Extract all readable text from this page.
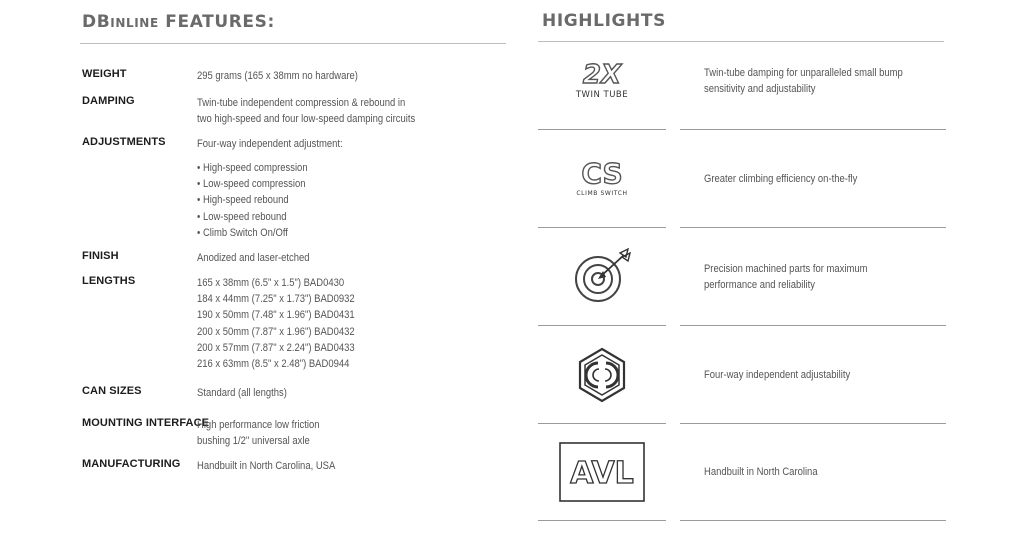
DBINLINE FEATURES:
WEIGHT	295 grams (165 x 38mm no hardware)
DAMPING	Twin-tube independent compression & rebound in
two high-speed and four low-speed damping circuits
ADJUSTMENTS	Four-way independent adjustment:
• High-speed compression
• Low-speed compression
• High-speed rebound
• Low-speed rebound
• Climb Switch On/Off
FINISH	Anodized and laser-etched
LENGTHS	165 x 38mm (6.5" x 1.5") BAD0430
184 x 44mm (7.25" x 1.73") BAD0932
190 x 50mm (7.48" x 1.96") BAD0431
200 x 50mm (7.87" x 1.96") BAD0432
200 x 57mm (7.87" x 2.24") BAD0433
216 x 63mm (8.5" x 2.48") BAD0944
CAN SIZES	Standard (all lengths)
MOUNTING INTERFACE
High performance low friction
bushing 1/2" universal axle
MANUFACTURING	Handbuilt in North Carolina, USA
HIGHLIGHTS
2X
TWIN TUBE
Twin-tube damping for unparalleled small bump sensitivity and adjustability
CS
CLIMB SWITCH
Greater climbing efficiency on-the-fly
Precision machined parts for maximum performance and reliability
Four-way independent adjustability
AVL	Handbuilt in North Carolina
